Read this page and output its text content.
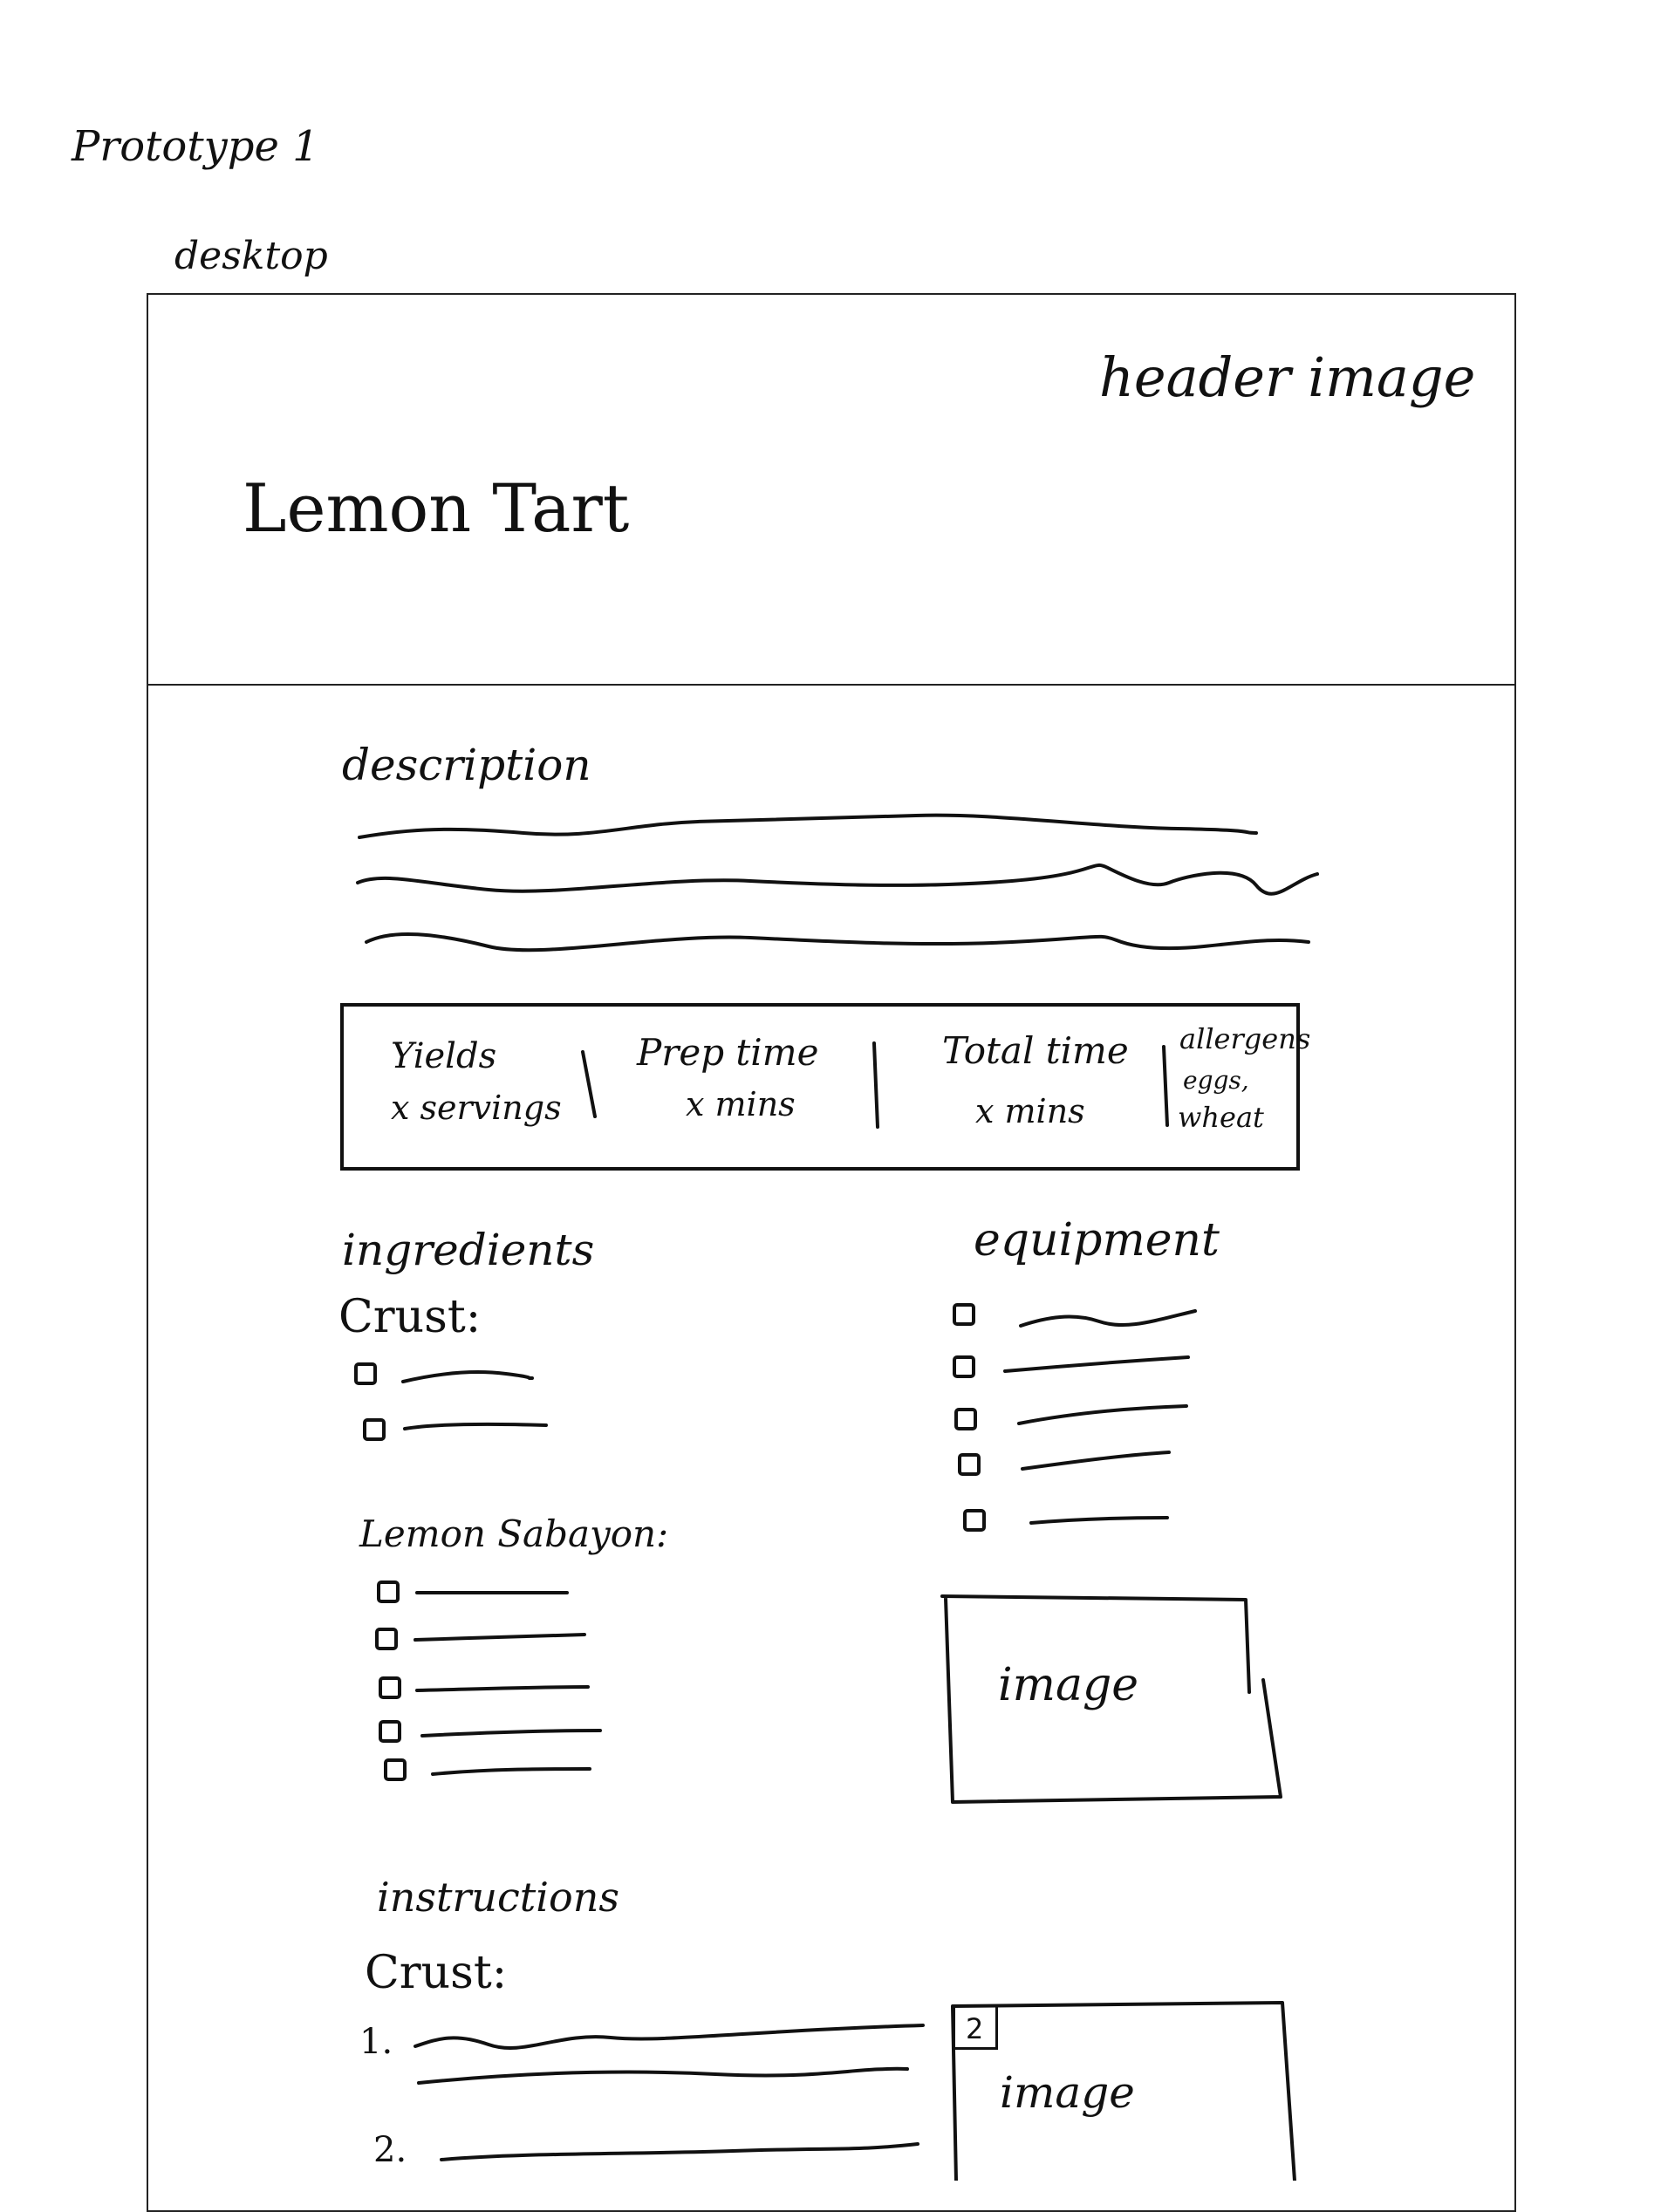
Prototype 1
desktop
header image
Lemon Tart
description
Yields
x servings
Prep time
x mins
Total time
x mins
allergens
eggs,
wheat
ingredients
Crust:
Lemon Sabayon:
equipment
image
instructions
Crust:
1.
2.
2
image
